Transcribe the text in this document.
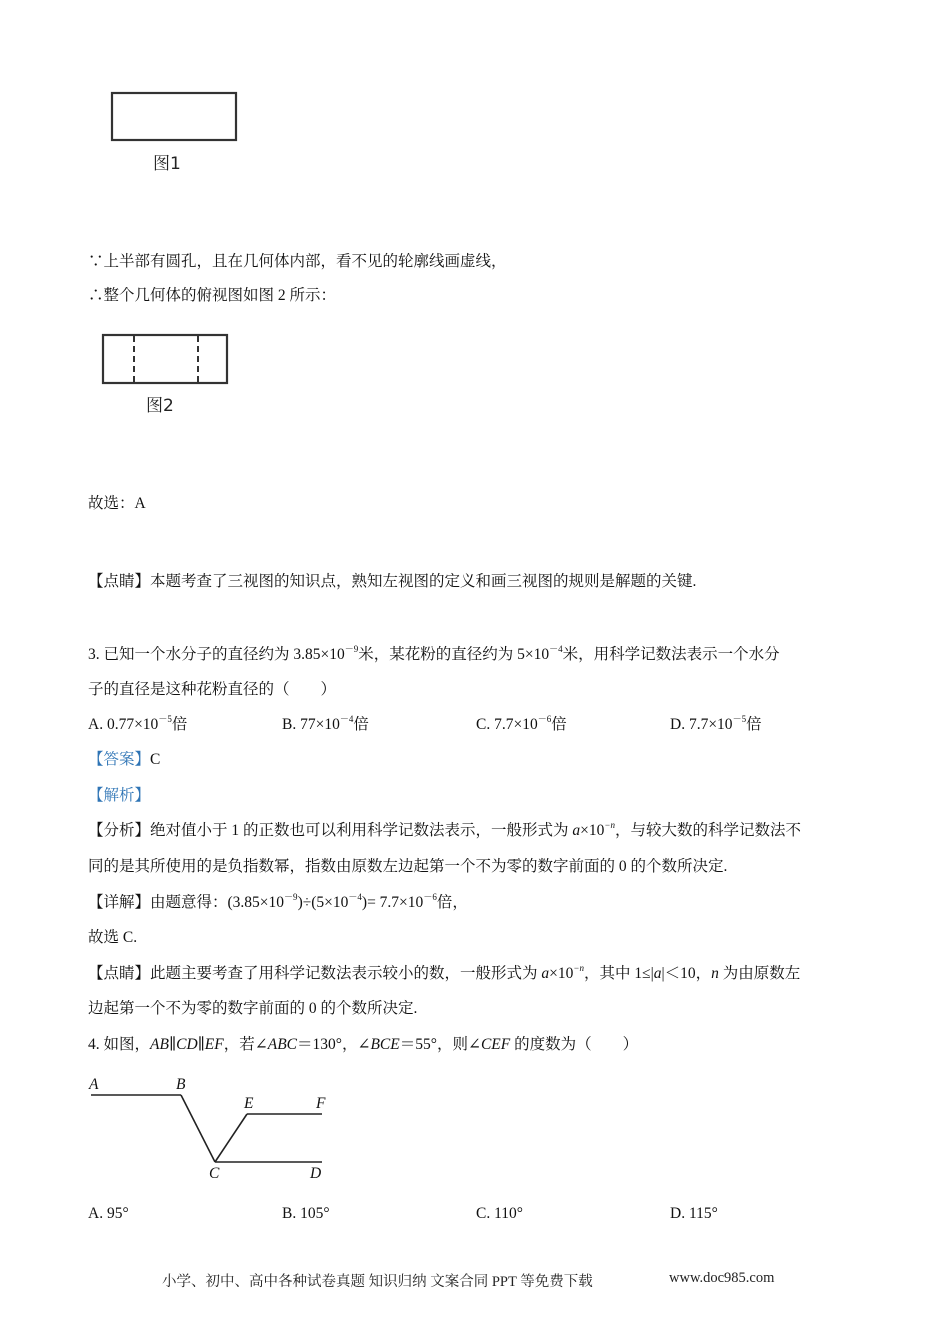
图1
∵上半部有圆孔，且在几何体内部，看不见的轮廓线画虚线，
∴整个几何体的俯视图如图 2 所示：
图2
故选：A
【点睛】本题考查了三视图的知识点，熟知左视图的定义和画三视图的规则是解题的关键.
3. 已知一个水分子的直径约为 $3.85\times 10^{-9}$米，某花粉的直径约为 $5\times 10^{-4}$米，用科学记数法表示一个水分
子的直径是这种花粉直径的（　　）
A. $0.77\times 10^{-5}$倍	B. $77\times 10^{-4}$倍	C. $7.7\times 10^{-6}$倍	D. $7.7\times 10^{-5}$倍
【答案】C
【解析】
【分析】绝对值小于 1 的正数也可以利用科学记数法表示，一般形式为 $a\times 10^{-n}$，与较大数的科学记数法不
同的是其所使用的是负指数幂，指数由原数左边起第一个不为零的数字前面的 0 的个数所决定.
【详解】由题意得：$(3.85\times 10^{-9})\div(5\times 10^{-4})= 7.7\times 10^{-6}$倍，
故选 C.
【点睛】此题主要考查了用科学记数法表示较小的数，一般形式为 $a\times 10^{-n}$，其中 1≤|a|＜10，n 为由原数左
边起第一个不为零的数字前面的 0 的个数所决定.
4. 如图，AB∥CD∥EF，若∠ABC＝130°，∠BCE＝55°，则∠CEF 的度数为（　　）
A	B
E	F
C	D
A. 95°	B. 105°	C. 110°	D. 115°
小学、初中、高中各种试卷真题 知识归纳 文案合同 PPT 等免费下载	www.doc985.com
